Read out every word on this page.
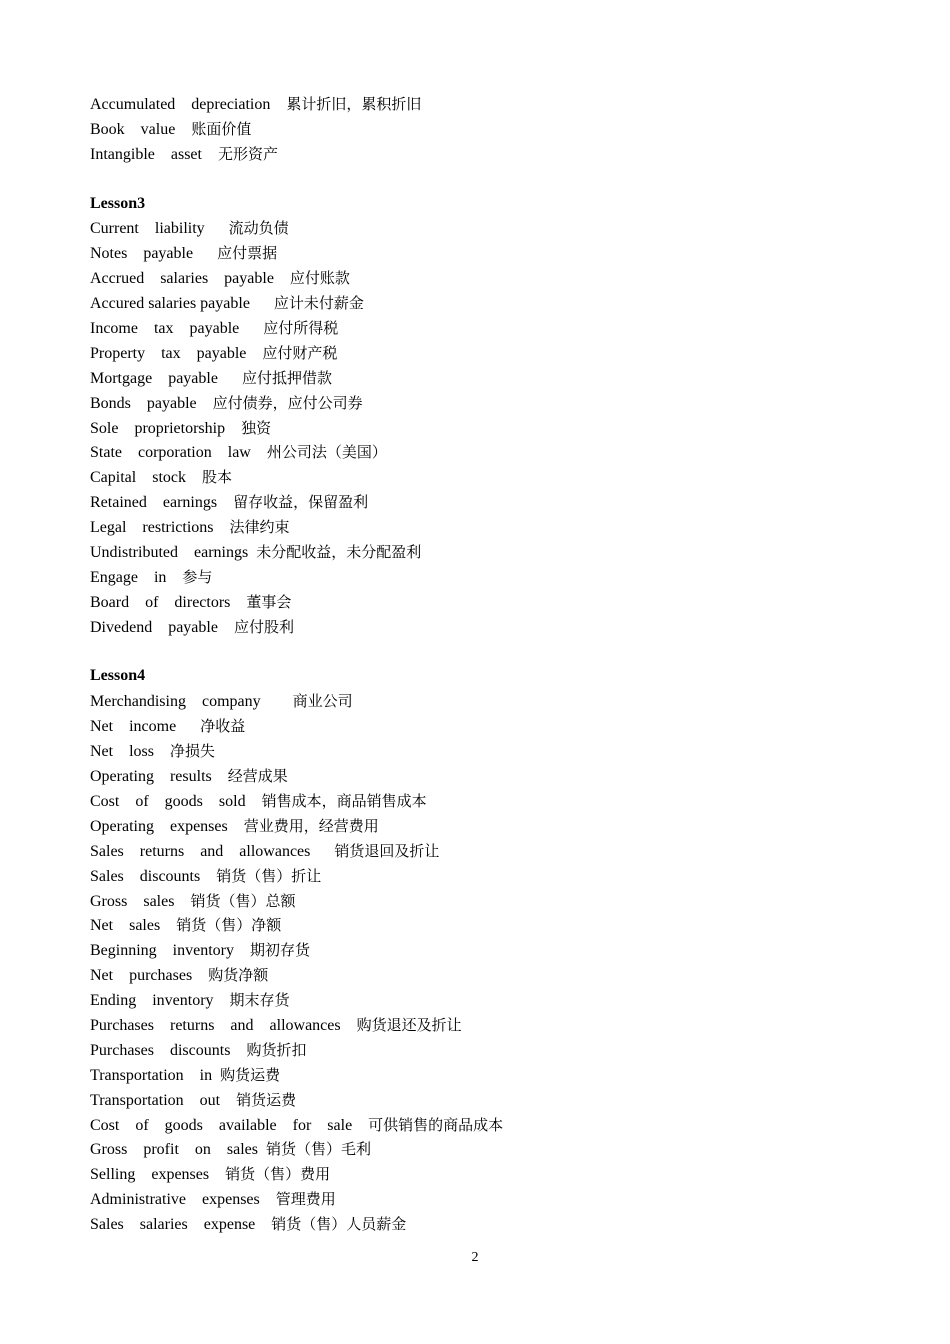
Accumulated    depreciation    累计折旧，累积折旧
Book    value    账面价值
Intangible    asset    无形资产
Lesson3
Current    liability      流动负债
Notes    payable      应付票据
Accrued    salaries    payable    应付账款
Accured salaries payable      应计未付薪金
Income    tax    payable      应付所得税
Property    tax    payable    应付财产税
Mortgage    payable      应付抵押借款
Bonds    payable    应付债券，应付公司券
Sole    proprietorship    独资
State    corporation    law    州公司法（美国）
Capital    stock    股本
Retained    earnings    留存收益，保留盈利
Legal    restrictions    法律约束
Undistributed    earnings  未分配收益，未分配盈利
Engage    in    参与
Board    of    directors    董事会
Divedend    payable    应付股利
Lesson4
Merchandising    company        商业公司
Net    income      净收益
Net    loss    净损失
Operating    results    经营成果
Cost    of    goods    sold    销售成本，商品销售成本
Operating    expenses    营业费用，经营费用
Sales    returns    and    allowances      销货退回及折让
Sales    discounts    销货（售）折让
Gross    sales    销货（售）总额
Net    sales    销货（售）净额
Beginning    inventory    期初存货
Net    purchases    购货净额
Ending    inventory    期末存货
Purchases    returns    and    allowances    购货退还及折让
Purchases    discounts    购货折扣
Transportation    in  购货运费
Transportation    out    销货运费
Cost    of    goods    available    for    sale    可供销售的商品成本
Gross    profit    on    sales  销货（售）毛利
Selling    expenses    销货（售）费用
Administrative    expenses    管理费用
Sales    salaries    expense    销货（售）人员薪金
2
